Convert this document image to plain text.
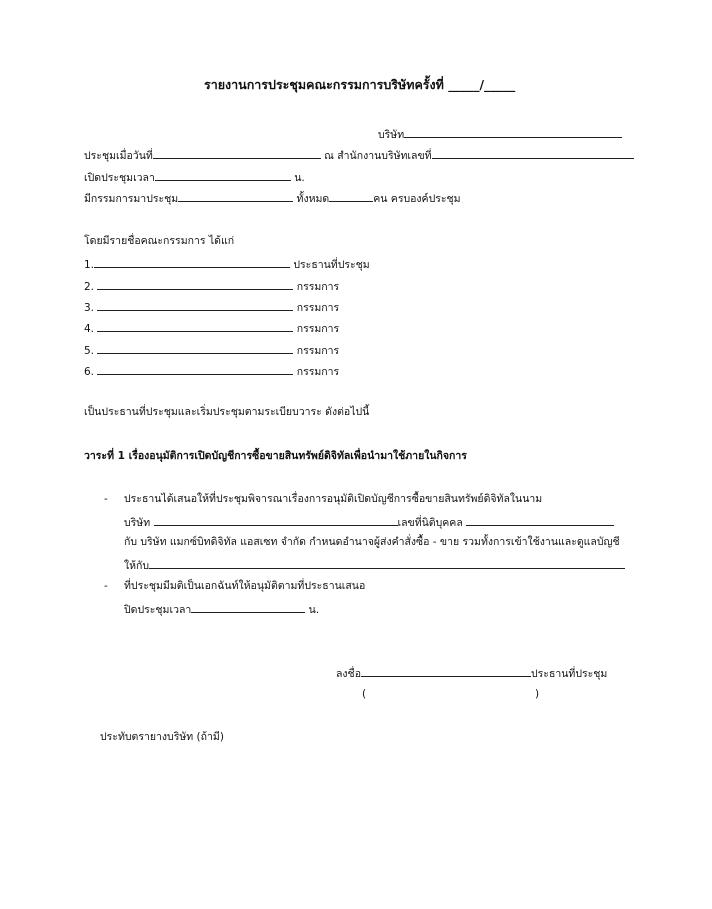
รายงานการประชุมคณะกรรมการบริษัทครั้งที่ _____/_____
บริษัท
ประชุมเมื่อวันที่	ณ สำนักงานบริษัทเลขที่
เปิดประชุมเวลา	น.
มีกรรมการมาประชุม	ทั้งหมด	คน ครบองค์ประชุม
โดยมีรายชื่อคณะกรรมการ ได้แก่
1.	ประธานที่ประชุม
2.	กรรมการ
3.	กรรมการ
4.	กรรมการ
5.	กรรมการ
6.	กรรมการ
เป็นประธานที่ประชุมและเริ่มประชุมตามระเบียบวาระ ดังต่อไปนี้
วาระที่ 1 เรื่องอนุมัติการเปิดบัญชีการซื้อขายสินทรัพย์ดิจิทัลเพื่อนำมาใช้ภายในกิจการ
- ประธานได้เสนอให้ที่ประชุมพิจารณาเรื่องการอนุมัติเปิดบัญชีการซื้อขายสินทรัพย์ดิจิทัลในนาม
บริษัท	เลขที่นิติบุคคล
กับ บริษัท แมกซ์บิทดิจิทัล แอสเซท จำกัด กำหนดอำนาจผู้ส่งคำสั่งซื้อ - ขาย รวมทั้งการเข้าใช้งานและดูแลบัญชี
ให้กับ
- ที่ประชุมมีมติเป็นเอกฉันท์ให้อนุมัติตามที่ประธานเสนอ
ปิดประชุมเวลา	น.
ลงชื่อ	ประธานที่ประชุม
(	)
ประทับตรายางบริษัท (ถ้ามี)
